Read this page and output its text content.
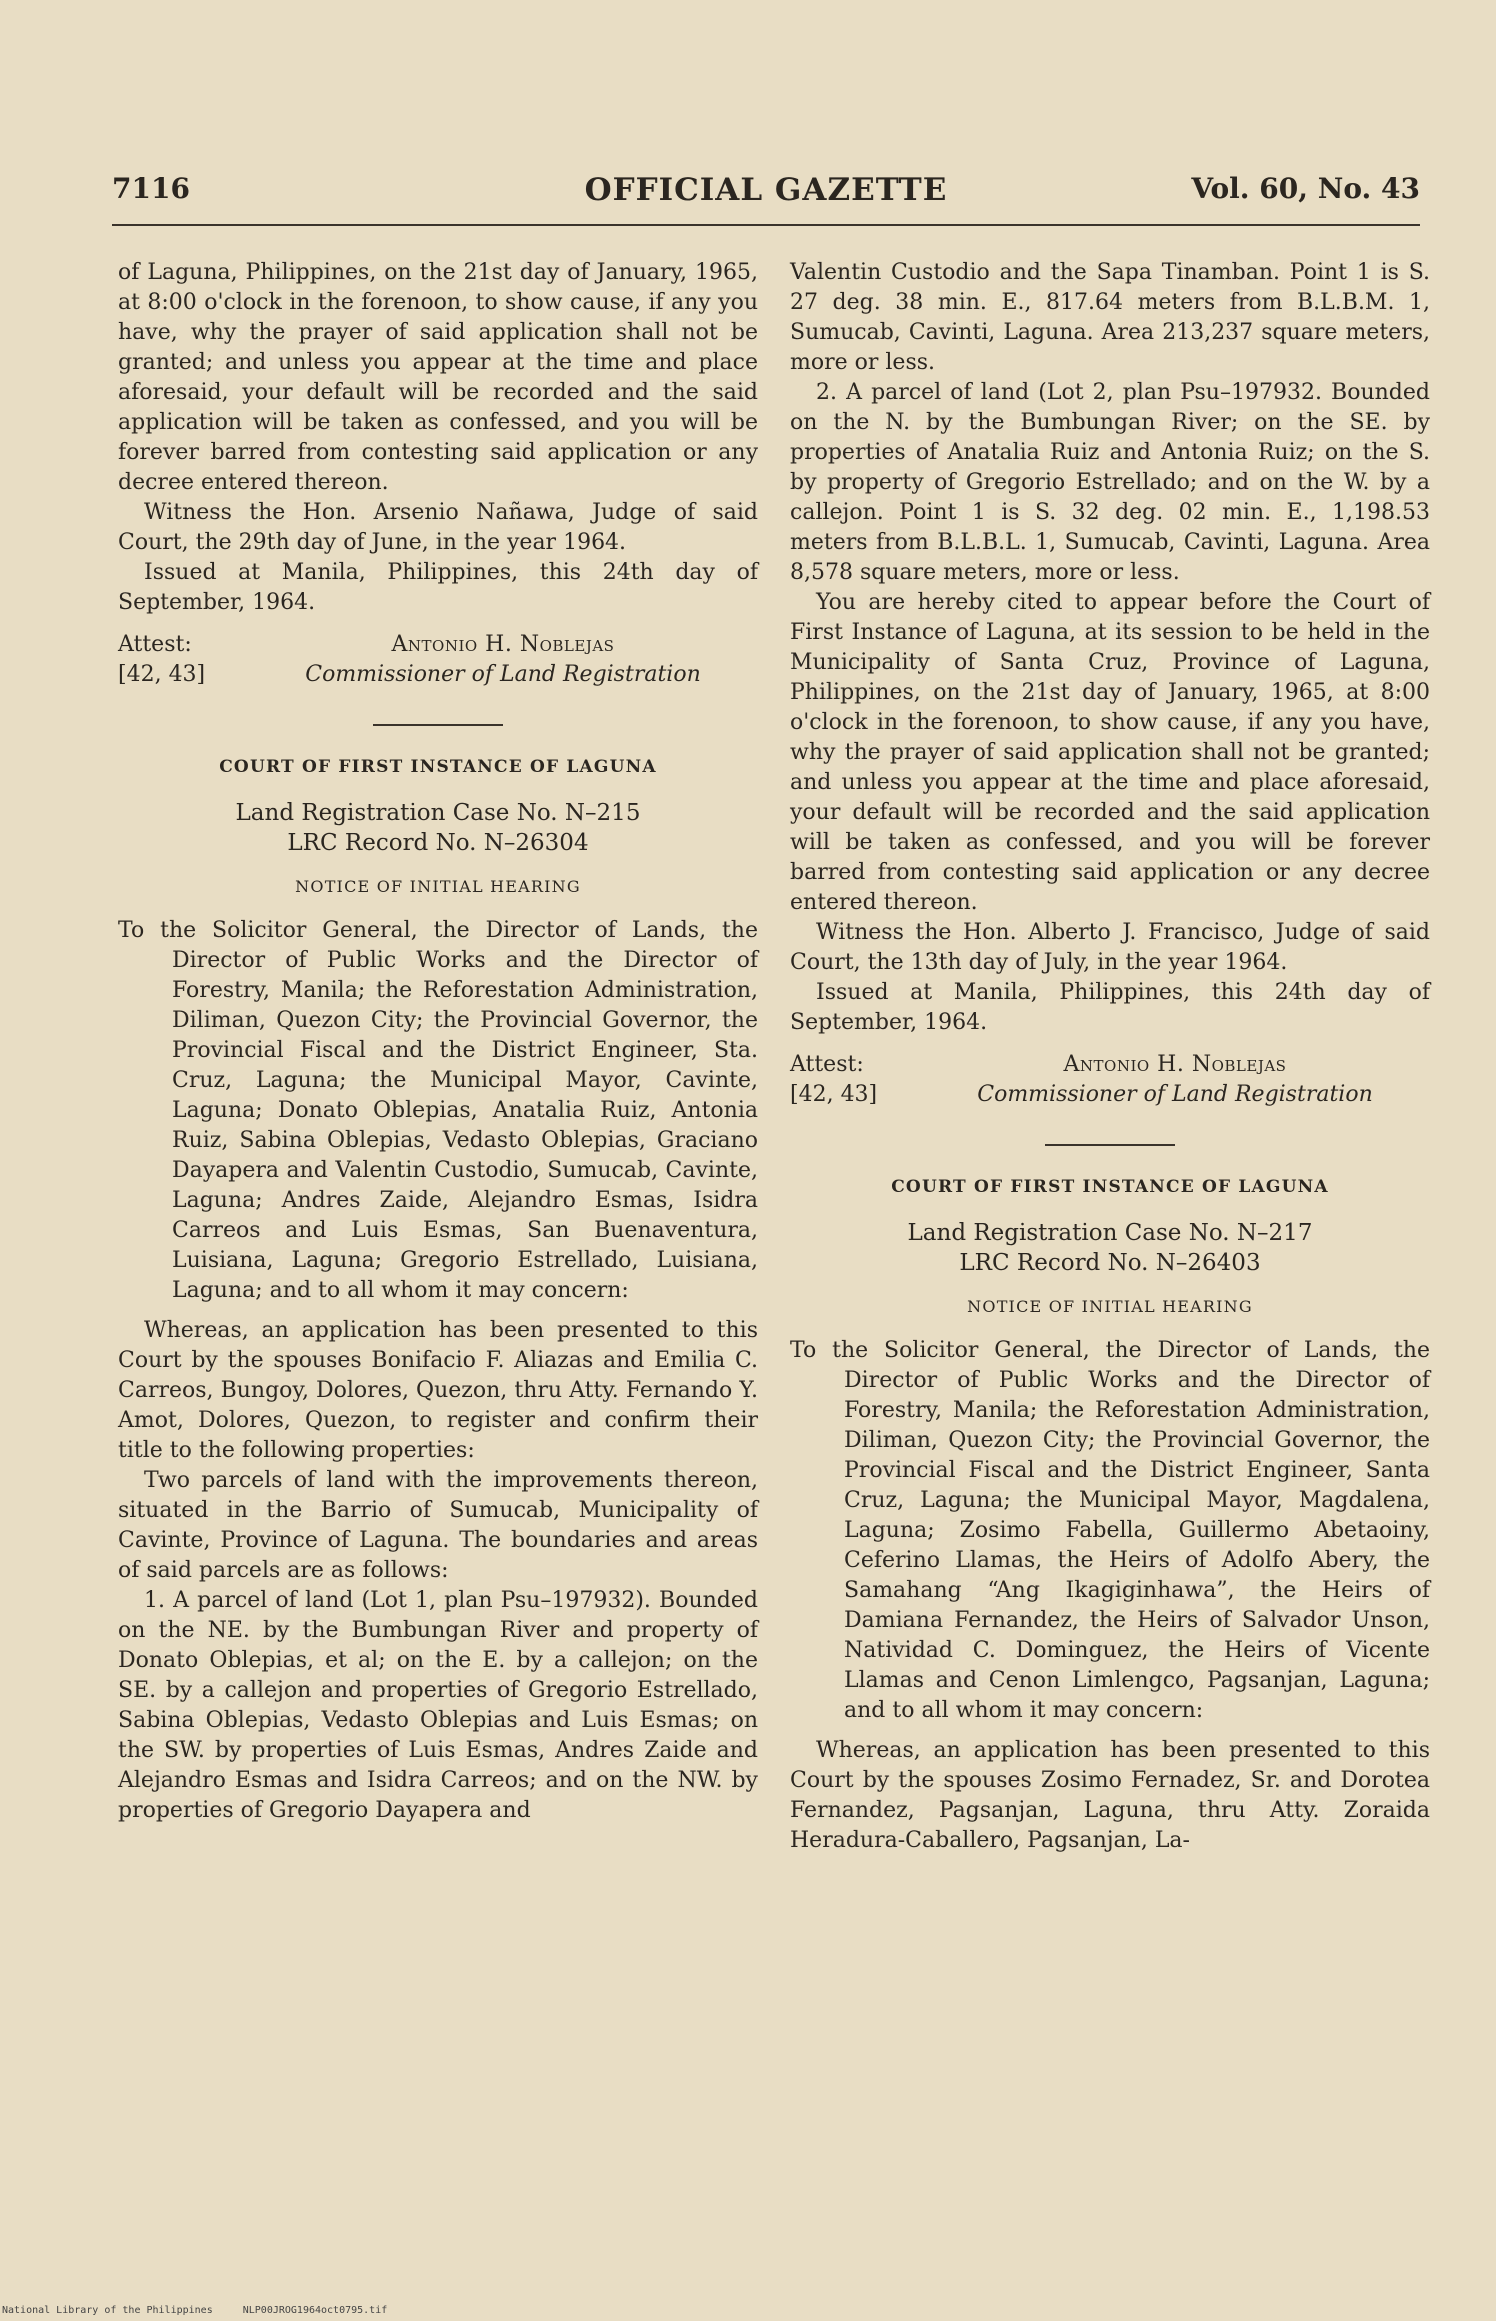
7116	OFFICIAL GAZETTE	Vol. 60, No. 43

of Laguna, Philippines, on the 21st day of January, 1965, at 8:00 o'clock in the forenoon, to show cause, if any you have, why the prayer of said application shall not be granted; and unless you appear at the time and place aforesaid, your default will be recorded and the said application will be taken as confessed, and you will be forever barred from contesting said application or any decree entered thereon.

Witness the Hon. Arsenio Nañawa, Judge of said Court, the 29th day of June, in the year 1964.

Issued at Manila, Philippines, this 24th day of September, 1964.

Attest:	Antonio H. Noblejas
[42, 43]	Commissioner of Land Registration
COURT OF FIRST INSTANCE OF LAGUNA
Land Registration Case No. N–215
LRC Record No. N–26304
NOTICE OF INITIAL HEARING

To the Solicitor General, the Director of Lands, the Director of Public Works and the Director of Forestry, Manila; the Reforestation Administration, Diliman, Quezon City; the Provincial Governor, the Provincial Fiscal and the District Engineer, Sta. Cruz, Laguna; the Municipal Mayor, Cavinte, Laguna; Donato Oblepias, Anatalia Ruiz, Antonia Ruiz, Sabina Oblepias, Vedasto Oblepias, Graciano Dayapera and Valentin Custodio, Sumucab, Cavinte, Laguna; Andres Zaide, Alejandro Esmas, Isidra Carreos and Luis Esmas, San Buenaventura, Luisiana, Laguna; Gregorio Estrellado, Luisiana, Laguna; and to all whom it may concern:

Whereas, an application has been presented to this Court by the spouses Bonifacio F. Aliazas and Emilia C. Carreos, Bungoy, Dolores, Quezon, thru Atty. Fernando Y. Amot, Dolores, Quezon, to register and confirm their title to the following properties:

Two parcels of land with the improvements thereon, situated in the Barrio of Sumucab, Municipality of Cavinte, Province of Laguna. The boundaries and areas of said parcels are as follows:

1. A parcel of land (Lot 1, plan Psu–197932). Bounded on the NE. by the Bumbungan River and property of Donato Oblepias, et al; on the E. by a callejon; on the SE. by a callejon and properties of Gregorio Estrellado, Sabina Oblepias, Vedasto Oblepias and Luis Esmas; on the SW. by properties of Luis Esmas, Andres Zaide and Alejandro Esmas and Isidra Carreos; and on the NW. by properties of Gregorio Dayapera and

Valentin Custodio and the Sapa Tinamban. Point 1 is S. 27 deg. 38 min. E., 817.64 meters from B.L.B.M. 1, Sumucab, Cavinti, Laguna. Area 213,237 square meters, more or less.

2. A parcel of land (Lot 2, plan Psu–197932. Bounded on the N. by the Bumbungan River; on the SE. by properties of Anatalia Ruiz and Antonia Ruiz; on the S. by property of Gregorio Estrellado; and on the W. by a callejon. Point 1 is S. 32 deg. 02 min. E., 1,198.53 meters from B.L.B.L. 1, Sumucab, Cavinti, Laguna. Area 8,578 square meters, more or less.

You are hereby cited to appear before the Court of First Instance of Laguna, at its session to be held in the Municipality of Santa Cruz, Province of Laguna, Philippines, on the 21st day of January, 1965, at 8:00 o'clock in the forenoon, to show cause, if any you have, why the prayer of said application shall not be granted; and unless you appear at the time and place aforesaid, your default will be recorded and the said application will be taken as confessed, and you will be forever barred from contesting said application or any decree entered thereon.

Witness the Hon. Alberto J. Francisco, Judge of said Court, the 13th day of July, in the year 1964.

Issued at Manila, Philippines, this 24th day of September, 1964.

Attest:	Antonio H. Noblejas
[42, 43]	Commissioner of Land Registration
COURT OF FIRST INSTANCE OF LAGUNA
Land Registration Case No. N–217
LRC Record No. N–26403
NOTICE OF INITIAL HEARING

To the Solicitor General, the Director of Lands, the Director of Public Works and the Director of Forestry, Manila; the Reforestation Administration, Diliman, Quezon City; the Provincial Governor, the Provincial Fiscal and the District Engineer, Santa Cruz, Laguna; the Municipal Mayor, Magdalena, Laguna; Zosimo Fabella, Guillermo Abetaoiny, Ceferino Llamas, the Heirs of Adolfo Abery, the Samahang “Ang Ikagiginhawa”, the Heirs of Damiana Fernandez, the Heirs of Salvador Unson, Natividad C. Dominguez, the Heirs of Vicente Llamas and Cenon Limlengco, Pagsanjan, Laguna; and to all whom it may concern:

Whereas, an application has been presented to this Court by the spouses Zosimo Fernadez, Sr. and Dorotea Fernandez, Pagsanjan, Laguna, thru Atty. Zoraida Heradura-Caballero, Pagsanjan, La-

National Library of the Philippines	NLP00JROG1964oct0795.tif
